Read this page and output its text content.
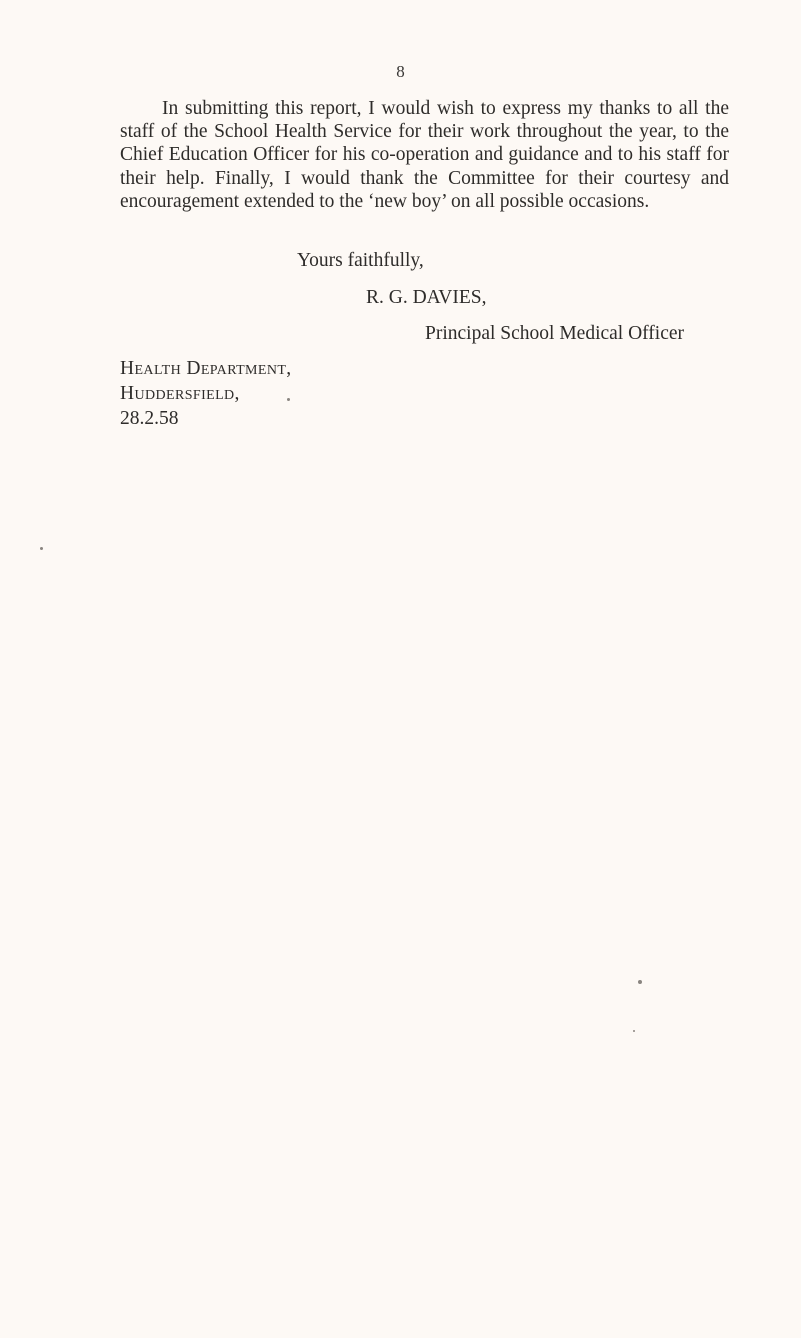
8

In submitting this report, I would wish to express my thanks to all the staff of the School Health Service for their work throughout the year, to the Chief Education Officer for his co-operation and guidance and to his staff for their help. Finally, I would thank the Committee for their courtesy and encouragement extended to the ‘new boy’ on all possible occasions.

Yours faithfully,
R. G. DAVIES,
Principal School Medical Officer
Health Department,
Huddersfield,
28.2.58
